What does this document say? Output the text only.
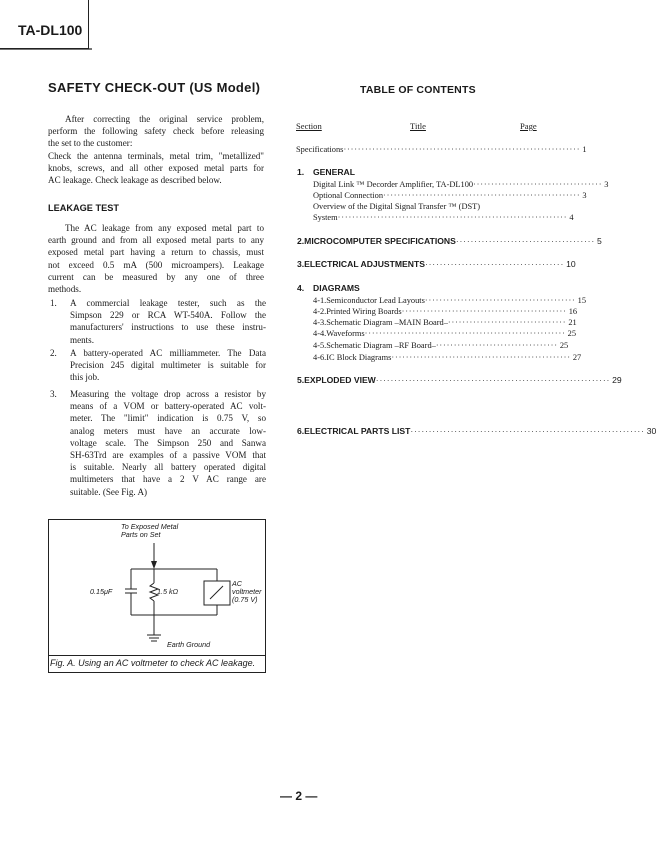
TA-DL100
SAFETY CHECK-OUT (US Model)
After correcting the original service problem,
perform the following safety check before releasing
the set to the customer:
Check the antenna terminals, metal trim, "metallized"
knobs, screws, and all other exposed metal parts for
AC leakage. Check leakage as described below.
LEAKAGE TEST
The AC leakage from any exposed metal part to
earth ground and from all exposed metal parts to any
exposed metal part having a return to chassis, must
not exceed 0.5 mA (500 microampers). Leakage
current can be measured by any one of three
methods.
1. A commercial leakage tester, such as the
Simpson 229 or RCA WT-540A. Follow the
manufacturers' instructions to use these instru-
ments.
2. A battery-operated AC milliammeter. The Data
Precision 245 digital multimeter is suitable for
this job.
3. Measuring the voltage drop across a resistor by
means of a VOM or battery-operated AC volt-
meter. The "limit" indication is 0.75 V, so
analog meters must have an accurate low-
voltage scale. The Simpson 250 and Sanwa
SH-63Trd are examples of a passive VOM that
is suitable. Nearly all battery operated digital
multimeters that have a 2 V AC range are
suitable. (See Fig. A)
To Exposed Metal
Parts on Set
0.15μF	1.5 kΩ
AC
voltmeter
(0.75 V)
Earth Ground
Fig. A. Using an AC voltmeter to check AC leakage.
TABLE OF CONTENTS
Section	Title	Page
Specifications ·································································· 1
1.	GENERAL
Digital Link ™ Decorder Amplifier, TA-DL100 ···································· 3
Optional Connection ······················································· 3
Overview of the Digital Signal Transfer ™ (DST)
System ································································ 4
2. MICROCOMPUTER SPECIFICATIONS ······································ 5
3. ELECTRICAL ADJUSTMENTS ······································ 10
4.	DIAGRAMS
4-1. Semiconductor Lead Layouts ·········································· 15
4-2. Printed Wiring Boards ·············································· 16
4-3. Schematic Diagram –MAIN Board– ································· 21
4-4. Waveforms ························································ 25
4-5. Schematic Diagram –RF Board– ·································· 25
4-6. IC Block Diagrams ·················································· 27
5. EXPLODED VIEW ································································ 29
6. ELECTRICAL PARTS LIST ································································ 30
— 2 —
